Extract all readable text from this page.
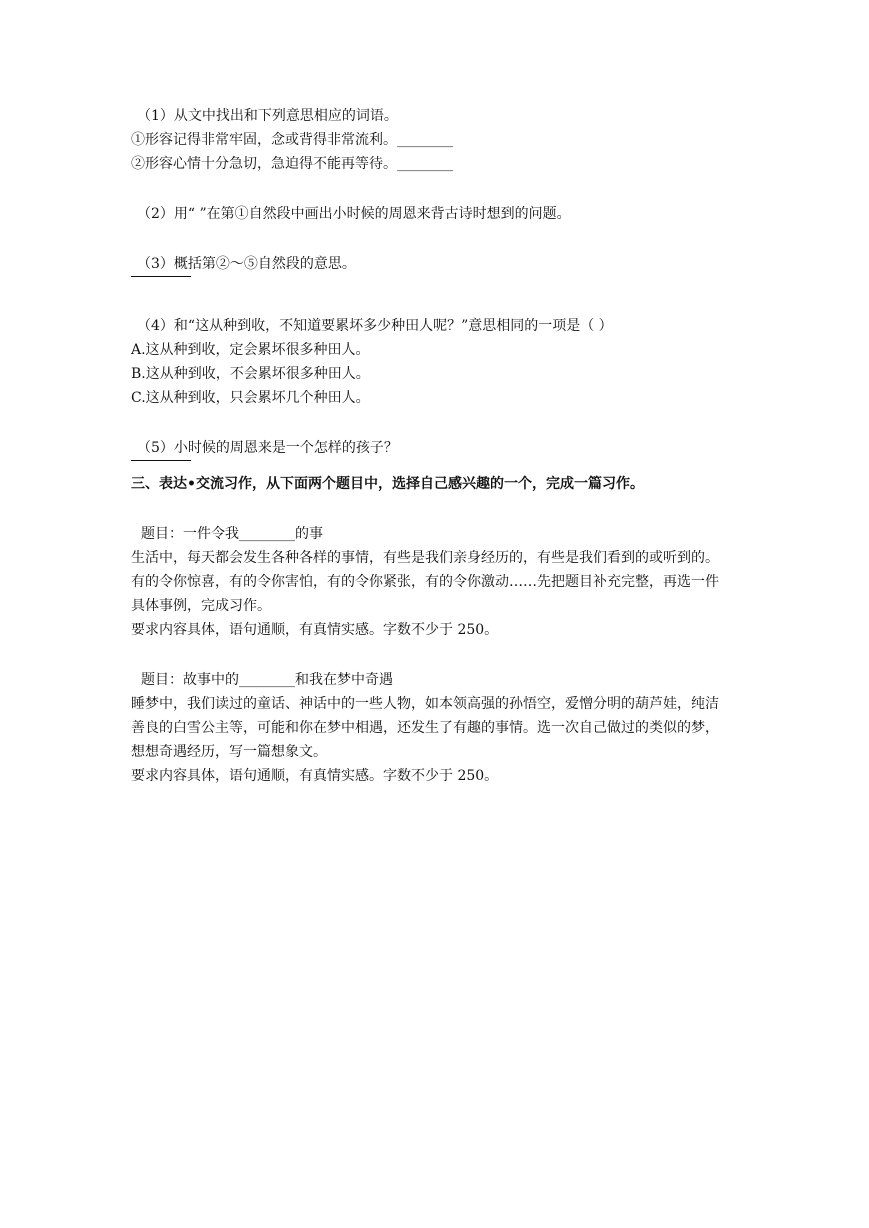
（1）从文中找出和下列意思相应的词语。
①形容记得非常牢固，念或背得非常流利。________
②形容心情十分急切，急迫得不能再等待。________
（2）用“ ”在第①自然段中画出小时候的周恩来背古诗时想到的问题。
（3）概括第②～⑤自然段的意思。
（4）和“这从种到收，不知道要累坏多少种田人呢？”意思相同的一项是（ ）
A.这从种到收，定会累坏很多种田人。
B.这从种到收，不会累坏很多种田人。
C.这从种到收，只会累坏几个种田人。
（5）小时候的周恩来是一个怎样的孩子？
三、表达•交流习作，从下面两个题目中，选择自己感兴趣的一个，完成一篇习作。
题目：一件令我________的事
生活中，每天都会发生各种各样的事情，有些是我们亲身经历的，有些是我们看到的或听到的。有的令你惊喜，有的令你害怕，有的令你紧张，有的令你激动……先把题目补充完整，再选一件具体事例，完成习作。
要求内容具体，语句通顺，有真情实感。字数不少于 250。
题目：故事中的________和我在梦中奇遇
睡梦中，我们读过的童话、神话中的一些人物，如本领高强的孙悟空，爱憎分明的葫芦娃，纯洁善良的白雪公主等，可能和你在梦中相遇，还发生了有趣的事情。选一次自己做过的类似的梦，想想奇遇经历，写一篇想象文。
要求内容具体，语句通顺，有真情实感。字数不少于 250。
